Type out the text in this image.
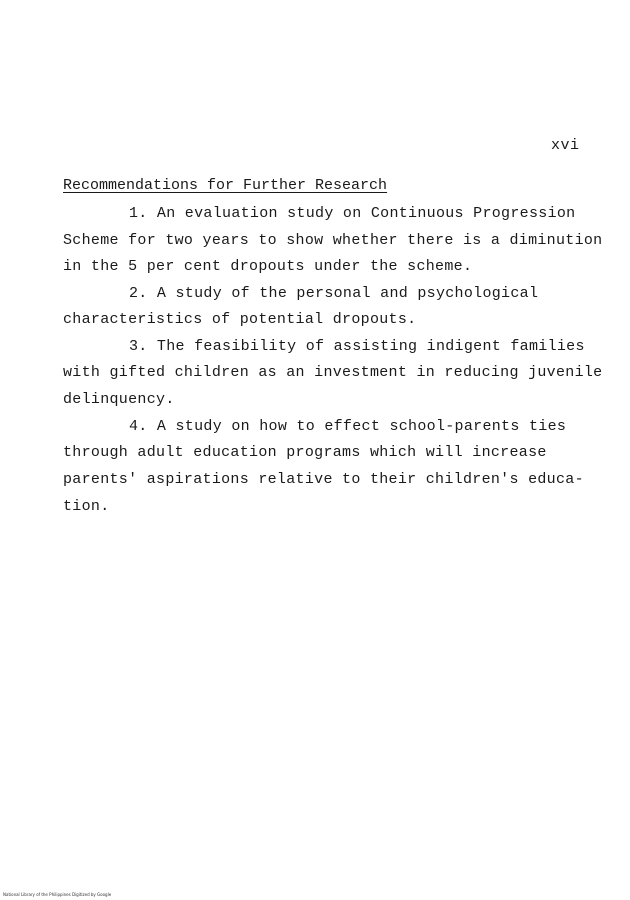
xvi
Recommendations for Further Research
1. An evaluation study on Continuous Progression
Scheme for two years to show whether there is a diminution
in the 5 per cent dropouts under the scheme.
2. A study of the personal and psychological
characteristics of potential dropouts.
3. The feasibility of assisting indigent families
with gifted children as an investment in reducing juvenile
delinquency.
4. A study on how to effect school-parents ties
through adult education programs which will increase
parents' aspirations relative to their children's educa-
tion.
National Library of the Philippines Digitized by Google
